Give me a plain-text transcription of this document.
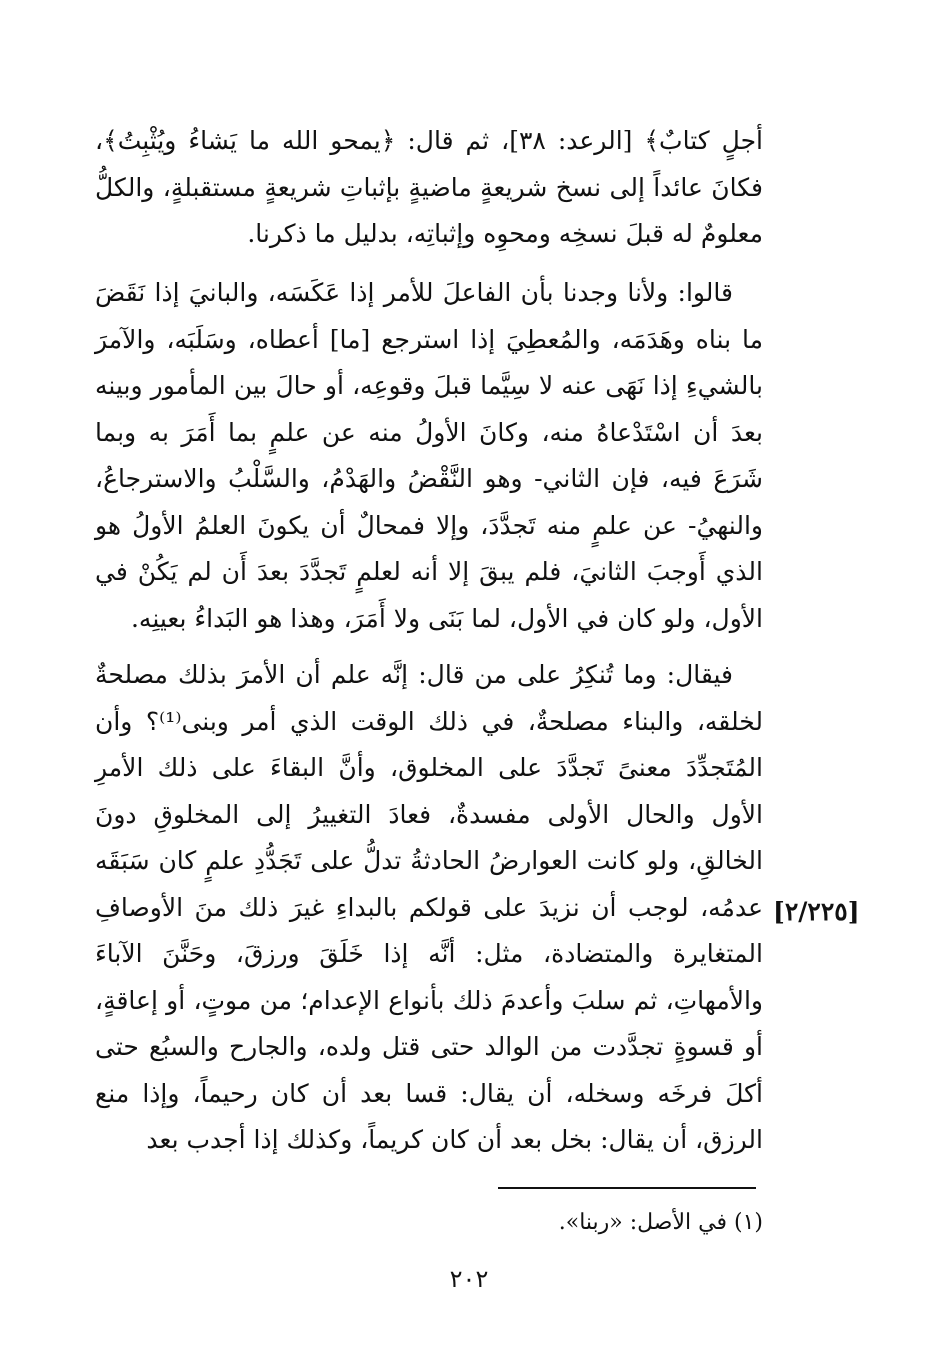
أجلٍ كتابٌ﴾ [الرعد: ٣٨]، ثم قال: ﴿يمحو الله ما يَشاءُ ويُثْبِتُ﴾، فكانَ عائداً إلى نسخ شريعةٍ ماضيةٍ بإثباتِ شريعةٍ مستقبلةٍ، والكلُّ معلومٌ له قبلَ نسخِه ومحوِه وإثباتِه، بدليل ما ذكرنا.

قالوا: ولأنا وجدنا بأن الفاعلَ للأمر إذا عَكَسَه، والبانيَ إذا نَقَضَ ما بناه وهَدَمَه، والمُعطِيَ إذا استرجع [ما] أعطاه، وسَلَبَه، والآمرَ بالشيءِ إذا نَهَى عنه لا سِيَّما قبلَ وقوعِه، أو حالَ بين المأمور وبينه بعدَ أن اسْتَدْعاهُ منه، وكانَ الأولُ منه عن علمٍ بما أَمَرَ به وبما شَرَعَ فيه، فإن الثاني- وهو النَّقْضُ والهَدْمُ، والسَّلْبُ والاسترجاعُ، والنهيُ- عن علمٍ منه تَجدَّدَ، وإلا فمحالٌ أن يكونَ العلمُ الأولُ هو الذي أَوجبَ الثانيَ، فلم يبقَ إلا أنه لعلمٍ تَجدَّدَ بعدَ أَن لم يَكُنْ في الأول، ولو كان في الأول، لما بَنَى ولا أَمَرَ، وهذا هو البَداءُ بعينِه.

فيقال: وما تُنكِرُ على من قال: إنَّه علم أن الأمرَ بذلك مصلحةٌ لخلقه، والبناء مصلحةٌ، في ذلك الوقت الذي أمر وبنى⁽¹⁾؟ وأن المُتَجدِّدَ معنىً تَجدَّدَ على المخلوق، وأنَّ البقاءَ على ذلك الأمرِ الأول والحال الأولى مفسدةٌ، فعادَ التغييرُ إلى المخلوقِ دونَ الخالقِ، ولو كانت العوارضُ الحادثةُ تدلُّ على تَجَدُّدِ علمٍ كان سَبَقَه عدمُه، لوجب أن نزيدَ على قولكم بالبداءِ غيرَ ذلك منَ الأوصافِ المتغايرة والمتضادة، مثل: أنَّه إذا خَلَقَ ورزقَ، وحَنَّنَ الآباءَ والأمهاتِ، ثم سلبَ وأعدمَ ذلك بأنواع الإعدام؛ من موتٍ، أو إعاقةٍ، أو قسوةٍ تجدَّدت من الوالد حتى قتل ولده، والجارح والسبُع حتى أكلَ فرخَه وسخله، أن يقال: قسا بعد أن كان رحيماً، وإذا منع الرزق، أن يقال: بخل بعد أن كان كريماً، وكذلك إذا أجدب بعد

[٢/٢٢٥]
(١) في الأصل: «ربنا».
٢٠٢
